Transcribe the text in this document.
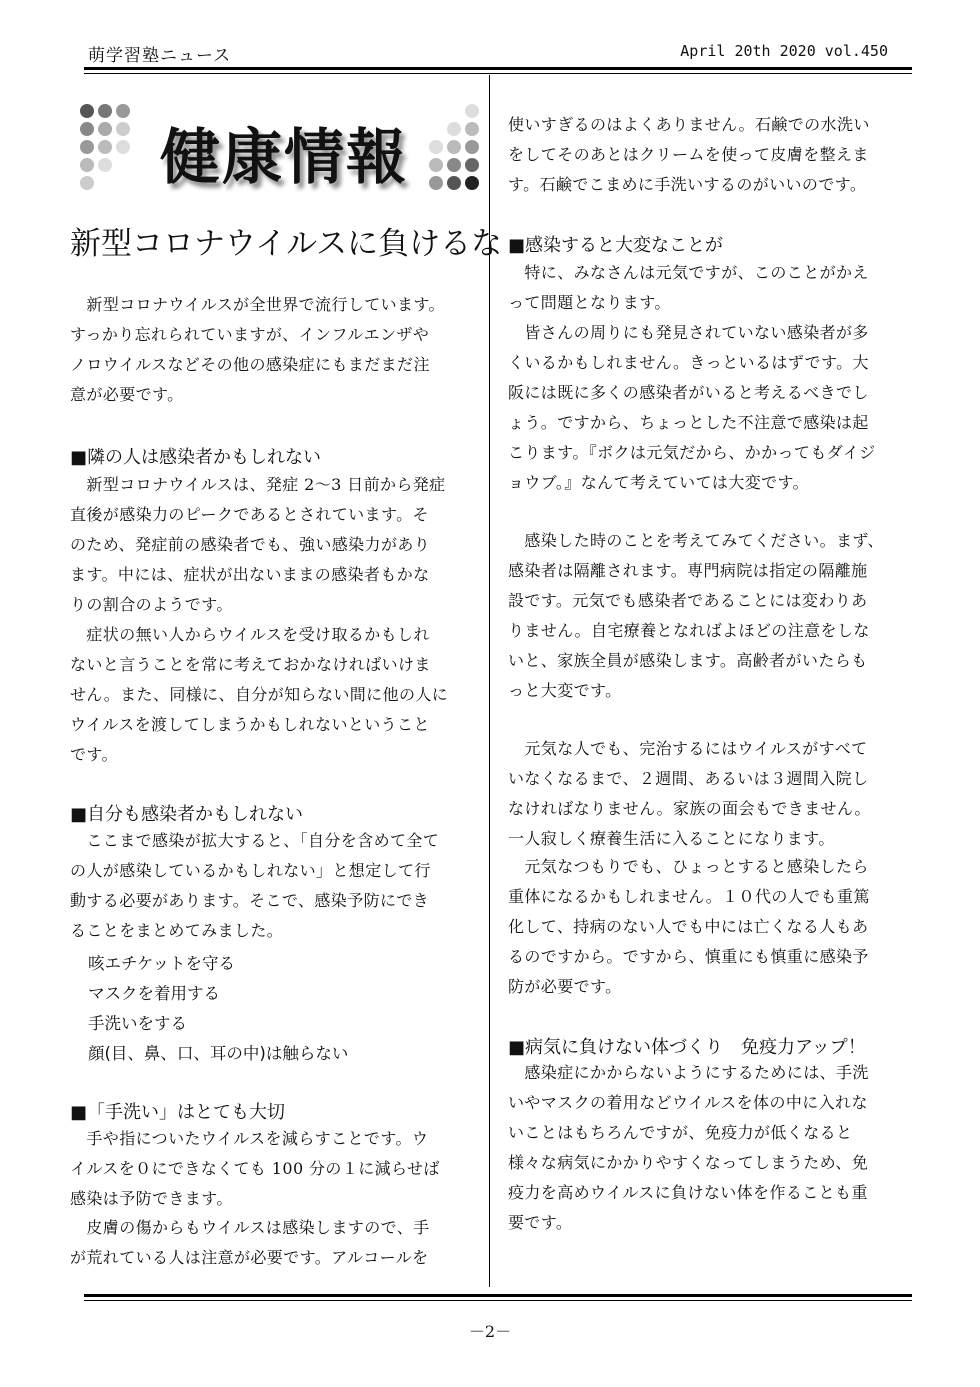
萌学習塾ニュース	April 20th 2020 vol.450
健康情報
新型コロナウイルスに負けるな
　新型コロナウイルスが全世界で流行しています。
すっかり忘れられていますが、インフルエンザや
ノロウイルスなどその他の感染症にもまだまだ注
意が必要です。
■隣の人は感染者かもしれない
　新型コロナウイルスは、発症 2～3 日前から発症
直後が感染力のピークであるとされています。そ
のため、発症前の感染者でも、強い感染力があり
ます。中には、症状が出ないままの感染者もかな
りの割合のようです。
　症状の無い人からウイルスを受け取るかもしれ
ないと言うことを常に考えておかなければいけま
せん。また、同様に、自分が知らない間に他の人に
ウイルスを渡してしまうかもしれないということ
です。
■自分も感染者かもしれない
　ここまで感染が拡大すると、「自分を含めて全て
の人が感染しているかもしれない」と想定して行
動する必要があります。そこで、感染予防にでき
ることをまとめてみました。
咳エチケットを守る
マスクを着用する
手洗いをする
顔(目、鼻、口、耳の中)は触らない
■「手洗い」はとても大切
　手や指についたウイルスを減らすことです。ウ
イルスを０にできなくても 100 分の１に減らせば
感染は予防できます。
　皮膚の傷からもウイルスは感染しますので、手
が荒れている人は注意が必要です。アルコールを
使いすぎるのはよくありません。石鹸での水洗い
をしてそのあとはクリームを使って皮膚を整えま
す。石鹸でこまめに手洗いするのがいいのです。
■感染すると大変なことが
　特に、みなさんは元気ですが、このことがかえ
って問題となります。
　皆さんの周りにも発見されていない感染者が多
くいるかもしれません。きっといるはずです。大
阪には既に多くの感染者がいると考えるべきでし
ょう。ですから、ちょっとした不注意で感染は起
こります。『ボクは元気だから、かかってもダイジ
ョウブ。』なんて考えていては大変です。
　感染した時のことを考えてみてください。まず、
感染者は隔離されます。専門病院は指定の隔離施
設です。元気でも感染者であることには変わりあ
りません。自宅療養となればよほどの注意をしな
いと、家族全員が感染します。高齢者がいたらも
っと大変です。
　元気な人でも、完治するにはウイルスがすべて
いなくなるまで、２週間、あるいは３週間入院し
なければなりません。家族の面会もできません。
一人寂しく療養生活に入ることになります。
　元気なつもりでも、ひょっとすると感染したら
重体になるかもしれません。１０代の人でも重篤
化して、持病のない人でも中には亡くなる人もあ
るのですから。ですから、慎重にも慎重に感染予
防が必要です。
■病気に負けない体づくり　免疫力アップ！
　感染症にかからないようにするためには、手洗
いやマスクの着用などウイルスを体の中に入れな
いことはもちろんですが、免疫力が低くなると
様々な病気にかかりやすくなってしまうため、免
疫力を高めウイルスに負けない体を作ることも重
要です。
－2－
